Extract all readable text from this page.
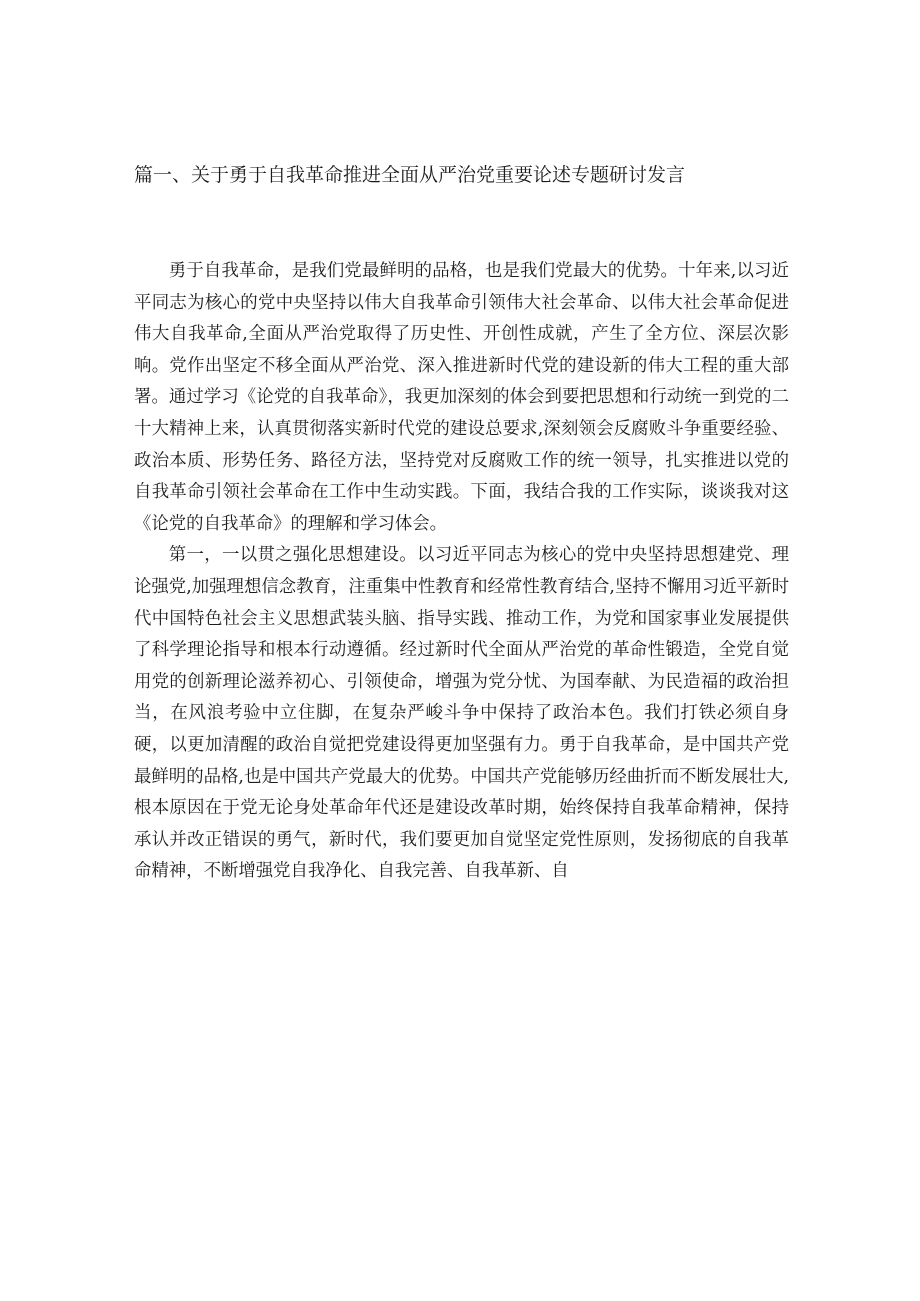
篇一、关于勇于自我革命推进全面从严治党重要论述专题研讨发言

勇于自我革命，是我们党最鲜明的品格，也是我们党最大的优势。十年来,以习近平同志为核心的党中央坚持以伟大自我革命引领伟大社会革命、以伟大社会革命促进伟大自我革命,全面从严治党取得了历史性、开创性成就，产生了全方位、深层次影响。党作出坚定不移全面从严治党、深入推进新时代党的建设新的伟大工程的重大部署。通过学习《论党的自我革命》，我更加深刻的体会到要把思想和行动统一到党的二十大精神上来，认真贯彻落实新时代党的建设总要求,深刻领会反腐败斗争重要经验、政治本质、形势任务、路径方法，坚持党对反腐败工作的统一领导，扎实推进以党的自我革命引领社会革命在工作中生动实践。下面，我结合我的工作实际，谈谈我对这《论党的自我革命》的理解和学习体会。

第一，一以贯之强化思想建设。以习近平同志为核心的党中央坚持思想建党、理论强党,加强理想信念教育，注重集中性教育和经常性教育结合,坚持不懈用习近平新时代中国特色社会主义思想武装头脑、指导实践、推动工作，为党和国家事业发展提供了科学理论指导和根本行动遵循。经过新时代全面从严治党的革命性锻造，全党自觉用党的创新理论滋养初心、引领使命，增强为党分忧、为国奉献、为民造福的政治担当，在风浪考验中立住脚，在复杂严峻斗争中保持了政治本色。我们打铁必须自身硬，以更加清醒的政治自觉把党建设得更加坚强有力。勇于自我革命，是中国共产党最鲜明的品格,也是中国共产党最大的优势。中国共产党能够历经曲折而不断发展壮大,根本原因在于党无论身处革命年代还是建设改革时期，始终保持自我革命精神，保持承认并改正错误的勇气，新时代，我们要更加自觉坚定党性原则，发扬彻底的自我革命精神，不断增强党自我净化、自我完善、自我革新、自
